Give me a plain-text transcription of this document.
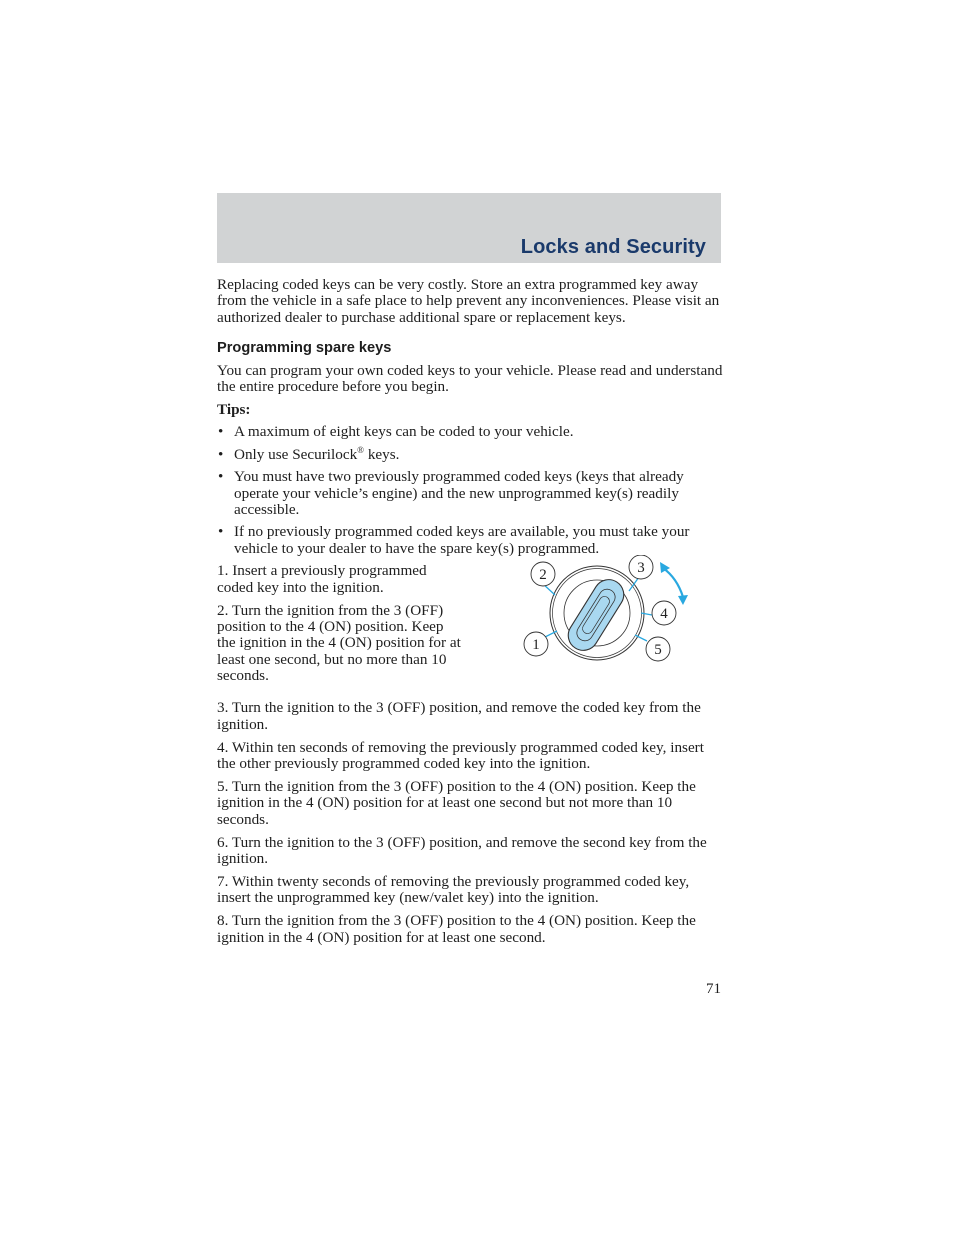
Locks and Security

Replacing coded keys can be very costly. Store an extra programmed key away from the vehicle in a safe place to help prevent any inconveniences. Please visit an authorized dealer to purchase additional spare or replacement keys.

Programming spare keys

You can program your own coded keys to your vehicle. Please read and understand the entire procedure before you begin.

Tips:
• A maximum of eight keys can be coded to your vehicle.
• Only use Securilock® keys.
• You must have two previously programmed coded keys (keys that already operate your vehicle’s engine) and the new unprogrammed key(s) readily accessible.
• If no previously programmed coded keys are available, you must take your vehicle to your dealer to have the spare key(s) programmed.

1. Insert a previously programmed coded key into the ignition.

2. Turn the ignition from the 3 (OFF) position to the 4 (ON) position. Keep the ignition in the 4 (ON) position for at least one second, but no more than 10 seconds.

2	3
4
5
1

3. Turn the ignition to the 3 (OFF) position, and remove the coded key from the ignition.

4. Within ten seconds of removing the previously programmed coded key, insert the other previously programmed coded key into the ignition.

5. Turn the ignition from the 3 (OFF) position to the 4 (ON) position. Keep the ignition in the 4 (ON) position for at least one second but not more than 10 seconds.

6. Turn the ignition to the 3 (OFF) position, and remove the second key from the ignition.

7. Within twenty seconds of removing the previously programmed coded key, insert the unprogrammed key (new/valet key) into the ignition.

8. Turn the ignition from the 3 (OFF) position to the 4 (ON) position. Keep the ignition in the 4 (ON) position for at least one second.

71
